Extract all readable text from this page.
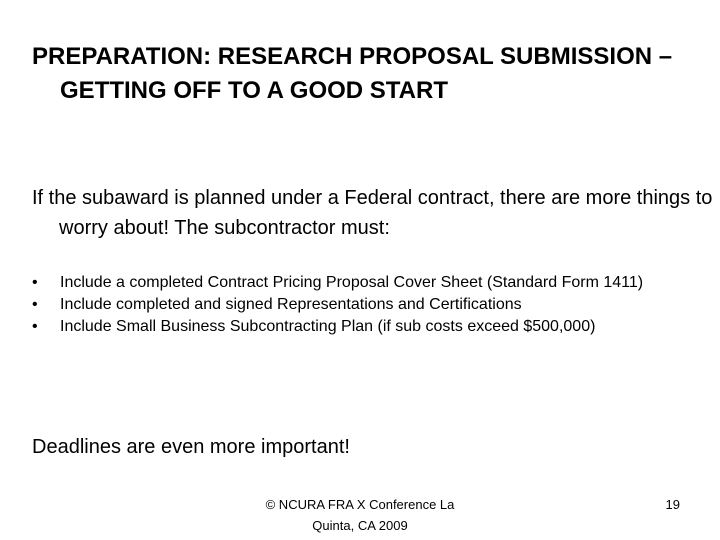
PREPARATION: RESEARCH PROPOSAL SUBMISSION – GETTING OFF TO A GOOD START

If the subaward is planned under a Federal contract, there are more things to worry about! The subcontractor must:

• Include a completed Contract Pricing Proposal Cover Sheet (Standard Form 1411)
• Include completed and signed Representations and Certifications
• Include Small Business Subcontracting Plan (if sub costs exceed $500,000)

Deadlines are even more important!

© NCURA FRA X Conference La Quinta, CA 2009

19
